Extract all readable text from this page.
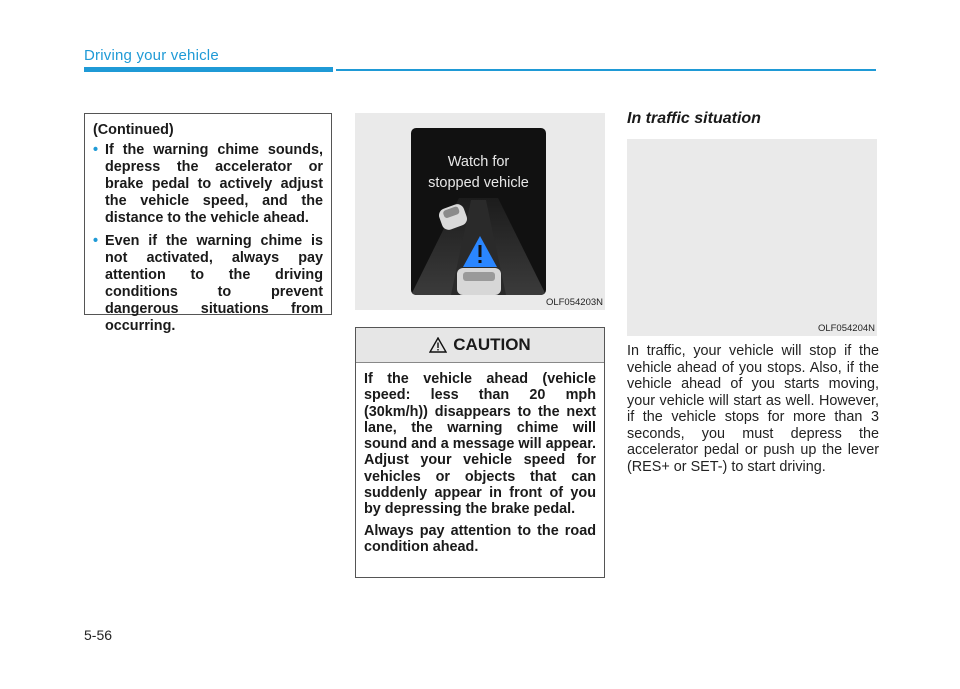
Driving your vehicle
(Continued)
• If the warning chime sounds, depress the accelerator or brake pedal to actively adjust the vehicle speed, and the distance to the vehicle ahead.
• Even if the warning chime is not activated, always pay attention to the driving conditions to prevent dangerous situations from occurring.
Watch for
stopped vehicle
OLF054203N
CAUTION

If the vehicle ahead (vehicle speed: less than 20 mph (30km/h)) disappears to the next lane, the warning chime will sound and a message will appear. Adjust your vehicle speed for vehicles or objects that can suddenly appear in front of you by depressing the brake pedal.

Always pay attention to the road condition ahead.

In traffic situation
OLF054204N
In traffic, your vehicle will stop if the vehicle ahead of you stops. Also, if the vehicle ahead of you starts moving, your vehicle will start as well. However, if the vehicle stops for more than 3 seconds, you must depress the accelerator pedal or push up the lever (RES+ or SET-) to start driving.
5-56
